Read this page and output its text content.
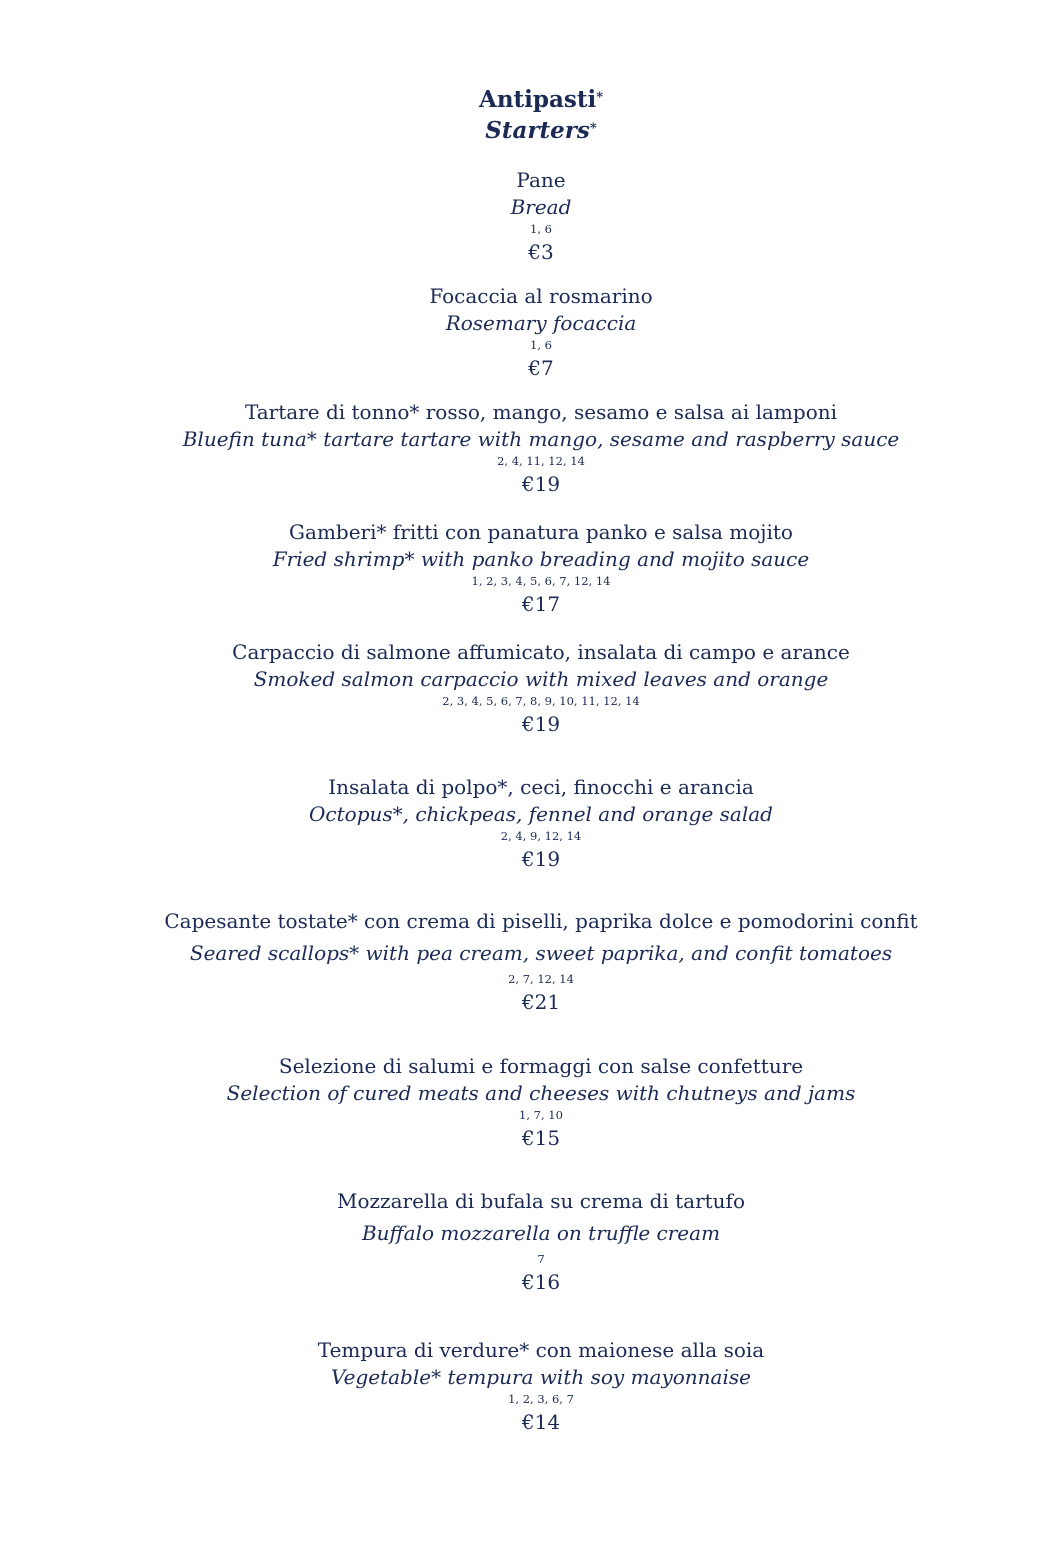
Antipasti*
Starters*
Pane
Bread
1, 6
€3
Focaccia al rosmarino
Rosemary focaccia
1, 6
€7
Tartare di tonno* rosso, mango, sesamo e salsa ai lamponi
Bluefin tuna* tartare tartare with mango, sesame and raspberry sauce
2, 4, 11, 12, 14
€19
Gamberi* fritti con panatura panko e salsa mojito
Fried shrimp* with panko breading and mojito sauce
1, 2, 3, 4, 5, 6, 7, 12, 14
€17
Carpaccio di salmone affumicato, insalata di campo e arance
Smoked salmon carpaccio with mixed leaves and orange
2, 3, 4, 5, 6, 7, 8, 9, 10, 11, 12, 14
€19
Insalata di polpo*, ceci, finocchi e arancia
Octopus*, chickpeas, fennel and orange salad
2, 4, 9, 12, 14
€19
Capesante tostate* con crema di piselli, paprika dolce e pomodorini confit
Seared scallops* with pea cream, sweet paprika, and confit tomatoes
2, 7, 12, 14
€21
Selezione di salumi e formaggi con salse confetture
Selection of cured meats and cheeses with chutneys and jams
1, 7, 10
€15
Mozzarella di bufala su crema di tartufo
Buffalo mozzarella on truffle cream
7
€16
Tempura di verdure* con maionese alla soia
Vegetable* tempura with soy mayonnaise
1, 2, 3, 6, 7
€14
